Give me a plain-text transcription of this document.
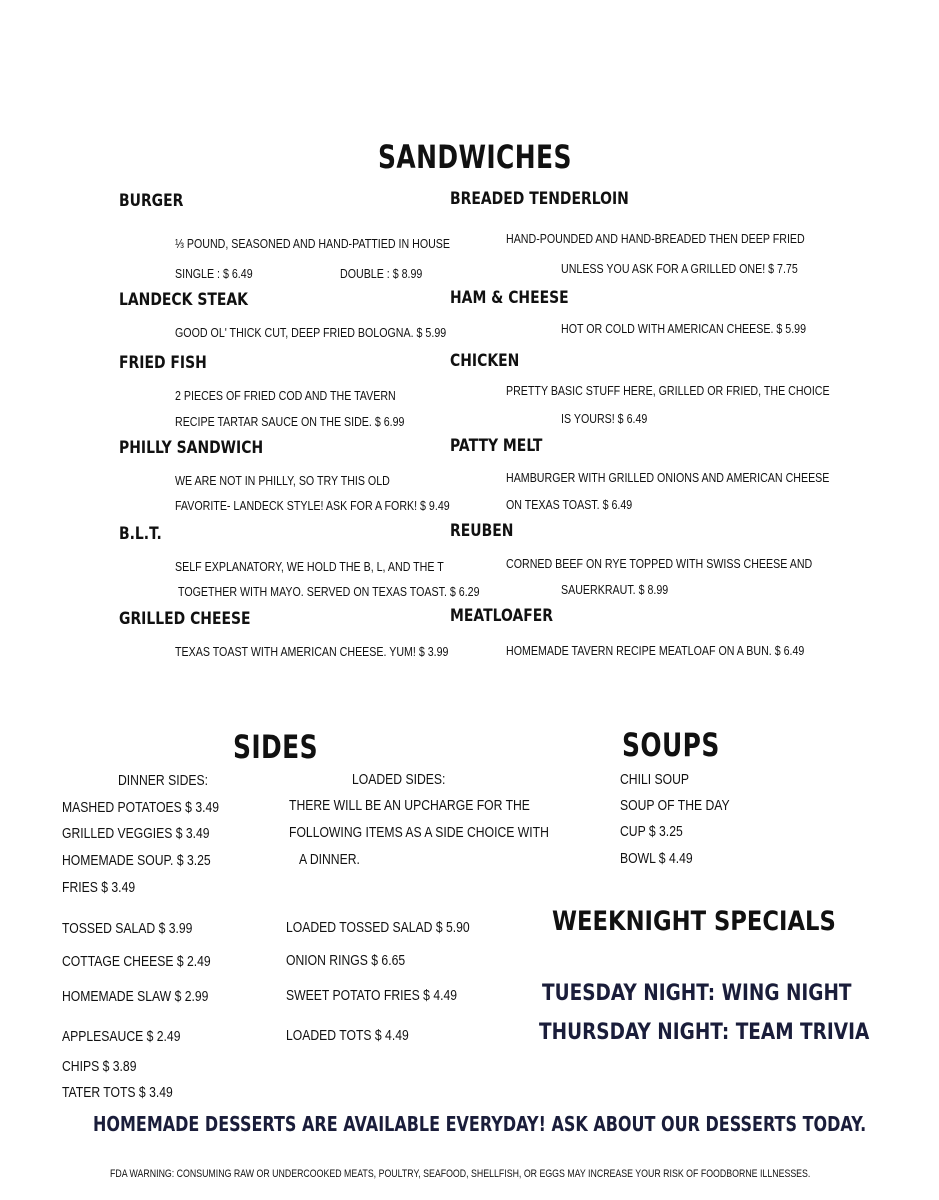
SANDWICHES
BURGER
⅓ POUND, SEASONED AND HAND-PATTIED IN HOUSE
SINGLE : $ 6.49	DOUBLE : $ 8.99
LANDECK STEAK
GOOD OL' THICK CUT, DEEP FRIED BOLOGNA. $ 5.99
FRIED FISH
2 PIECES OF FRIED COD AND THE TAVERN
RECIPE TARTAR SAUCE ON THE SIDE. $ 6.99
PHILLY SANDWICH
WE ARE NOT IN PHILLY, SO TRY THIS OLD
FAVORITE- LANDECK STYLE! ASK FOR A FORK! $ 9.49
B.L.T.
SELF EXPLANATORY, WE HOLD THE B, L, AND THE T
TOGETHER WITH MAYO. SERVED ON TEXAS TOAST. $ 6.29
GRILLED CHEESE
TEXAS TOAST WITH AMERICAN CHEESE. YUM! $ 3.99
BREADED TENDERLOIN
HAND-POUNDED AND HAND-BREADED THEN DEEP FRIED
UNLESS YOU ASK FOR A GRILLED ONE! $ 7.75
HAM & CHEESE
HOT OR COLD WITH AMERICAN CHEESE. $ 5.99
CHICKEN
PRETTY BASIC STUFF HERE, GRILLED OR FRIED, THE CHOICE
IS YOURS! $ 6.49
PATTY MELT
HAMBURGER WITH GRILLED ONIONS AND AMERICAN CHEESE
ON TEXAS TOAST. $ 6.49
REUBEN
CORNED BEEF ON RYE TOPPED WITH SWISS CHEESE AND
SAUERKRAUT. $ 8.99
MEATLOAFER
HOMEMADE TAVERN RECIPE MEATLOAF ON A BUN. $ 6.49
SIDES
DINNER SIDES:
MASHED POTATOES $ 3.49
GRILLED VEGGIES $ 3.49
HOMEMADE SOUP. $ 3.25
FRIES $ 3.49
TOSSED SALAD $ 3.99
COTTAGE CHEESE $ 2.49
HOMEMADE SLAW $ 2.99
APPLESAUCE $ 2.49
CHIPS $ 3.89
TATER TOTS $ 3.49
LOADED SIDES:
THERE WILL BE AN UPCHARGE FOR THE
FOLLOWING ITEMS AS A SIDE CHOICE WITH
A DINNER.
LOADED TOSSED SALAD $ 5.90
ONION RINGS $ 6.65
SWEET POTATO FRIES $ 4.49
LOADED TOTS $ 4.49
SOUPS
CHILI SOUP
SOUP OF THE DAY
CUP $ 3.25
BOWL $ 4.49
WEEKNIGHT SPECIALS
TUESDAY NIGHT: WING NIGHT
THURSDAY NIGHT: TEAM TRIVIA
HOMEMADE DESSERTS ARE AVAILABLE EVERYDAY! ASK ABOUT OUR DESSERTS TODAY.
FDA WARNING: CONSUMING RAW OR UNDERCOOKED MEATS, POULTRY, SEAFOOD, SHELLFISH, OR EGGS MAY INCREASE YOUR RISK OF FOODBORNE ILLNESSES.
